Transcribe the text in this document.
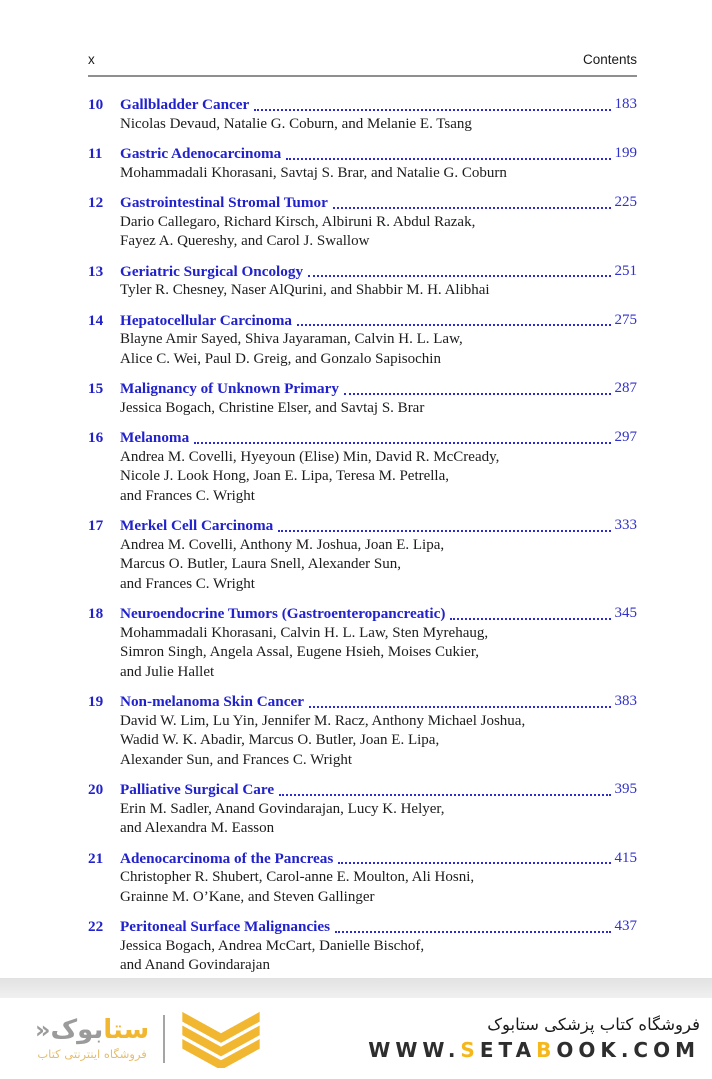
x	Contents
10	Gallbladder Cancer	183
Nicolas Devaud, Natalie G. Coburn, and Melanie E. Tsang
11	Gastric Adenocarcinoma	199
Mohammadali Khorasani, Savtaj S. Brar, and Natalie G. Coburn
12	Gastrointestinal Stromal Tumor	225
Dario Callegaro, Richard Kirsch, Albiruni R. Abdul Razak,
Fayez A. Quereshy, and Carol J. Swallow
13	Geriatric Surgical Oncology	251
Tyler R. Chesney, Naser AlQurini, and Shabbir M. H. Alibhai
14	Hepatocellular Carcinoma	275
Blayne Amir Sayed, Shiva Jayaraman, Calvin H. L. Law,
Alice C. Wei, Paul D. Greig, and Gonzalo Sapisochin
15	Malignancy of Unknown Primary	287
Jessica Bogach, Christine Elser, and Savtaj S. Brar
16	Melanoma	297
Andrea M. Covelli, Hyeyoun (Elise) Min, David R. McCready,
Nicole J. Look Hong, Joan E. Lipa, Teresa M. Petrella,
and Frances C. Wright
17	Merkel Cell Carcinoma	333
Andrea M. Covelli, Anthony M. Joshua, Joan E. Lipa,
Marcus O. Butler, Laura Snell, Alexander Sun,
and Frances C. Wright
18	Neuroendocrine Tumors (Gastroenteropancreatic)	345
Mohammadali Khorasani, Calvin H. L. Law, Sten Myrehaug,
Simron Singh, Angela Assal, Eugene Hsieh, Moises Cukier,
and Julie Hallet
19	Non-melanoma Skin Cancer	383
David W. Lim, Lu Yin, Jennifer M. Racz, Anthony Michael Joshua,
Wadid W. K. Abadir, Marcus O. Butler, Joan E. Lipa,
Alexander Sun, and Frances C. Wright
20	Palliative Surgical Care	395
Erin M. Sadler, Anand Govindarajan, Lucy K. Helyer,
and Alexandra M. Easson
21	Adenocarcinoma of the Pancreas	415
Christopher R. Shubert, Carol-anne E. Moulton, Ali Hosni,
Grainne M. O’Kane, and Steven Gallinger
22	Peritoneal Surface Malignancies	437
Jessica Bogach, Andrea McCart, Danielle Bischof,
and Anand Govindarajan
ستابوک«
فروشگاه اینترنتی کتاب
فروشگاه کتاب پزشکی ستابوک
WWW.SETABOOK.COM
